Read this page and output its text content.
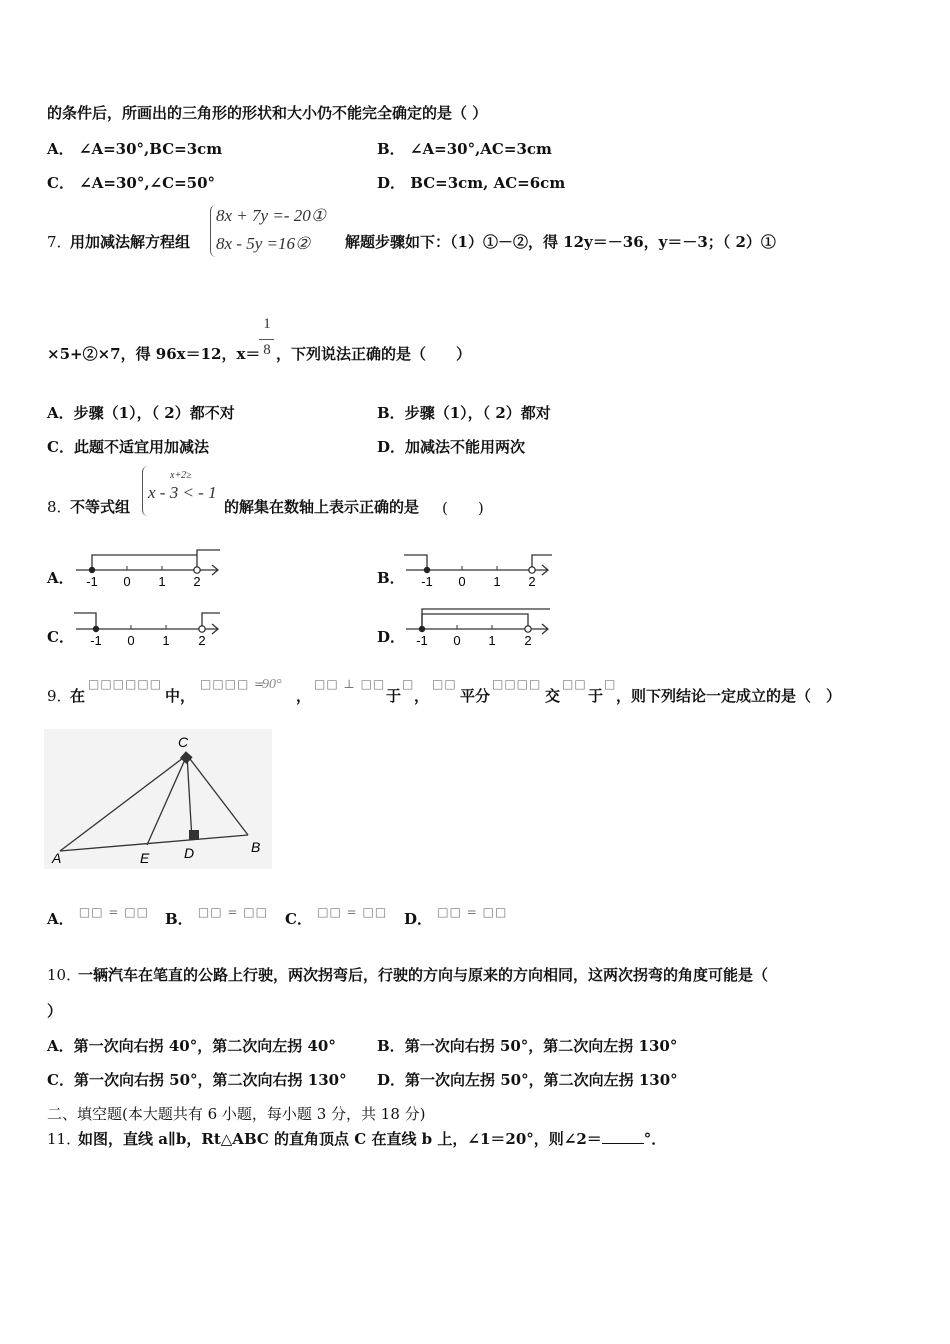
的条件后，所画出的三角形的形状和大小仍不能完全确定的是（ ）
A． ∠A=30°,BC=3cm	B． ∠A=30°,AC=3cm
C． ∠A=30°,∠C=50°	D． BC=3cm, AC=6cm
7．
用加减法解方程组
8x + 7y =- 20①
8x - 5y =16② 解题步骤如下：（1）①－②，得 12y＝－36，y＝－3；（ 2）①
×5+②×7，得 96x＝12，x＝
1
8 ，下列说法正确的是（　　）
A．步骤（1），（ 2）都不对	B．步骤（1），（ 2）都对
C．此题不适宜用加减法	D．加减法不能用两次
8．
不等式组
x+2≥
x - 3 < - 1
的解集在数轴上表示正确的是 (　　)
A． -1 0 1 2	B． -1 0 1 2
C． -1 0 1 2	D． -1 0 1 2
9．
在
□□□□□□
中，
□□□□ =
90°
，
□□ ⊥ □□
于
□
，
□□
平分
□□□□
交
□□
于
□
，则下列结论一定成立的是（　）
C
A	E D	B
A． □□ = □□ B． □□ = □□ C． □□ = □□ D． □□ = □□
10．
一辆汽车在笔直的公路上行驶，两次拐弯后，行驶的方向与原来的方向相同，这两次拐弯的角度可能是（
）
A．第一次向右拐 40°，第二次向左拐 40°	B．第一次向右拐 50°，第二次向左拐 130°
C．第一次向右拐 50°，第二次向右拐 130° D．第一次向左拐 50°，第二次向左拐 130°
二、填空题(本大题共有 6 小题，每小题 3 分，共 18 分)
11．
如图，直线 a∥b，Rt△ABC 的直角顶点 C 在直线 b 上，∠1＝20°，则∠2＝	°．
